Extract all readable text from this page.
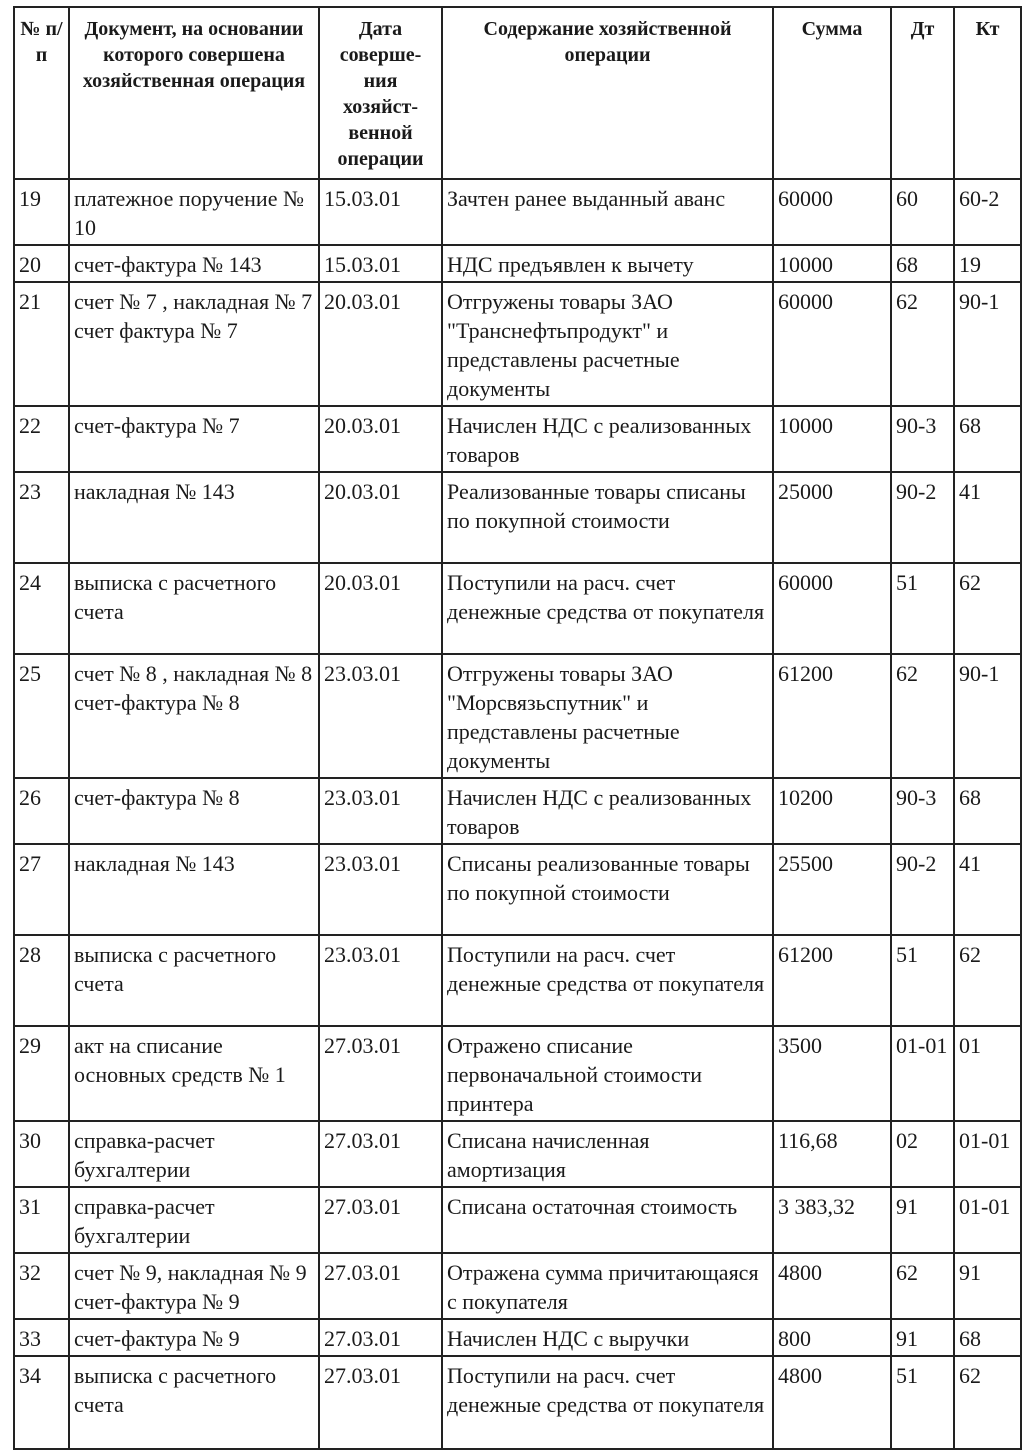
№ п/п	Документ, на основании которого совершена хозяйственная операция	Дата соверше-ния хозяйст-венной операции	Содержание хозяйственной операции	Сумма	Дт	Кт
19	платежное поручение № 10	15.03.01	Зачтен ранее выданный аванс	60000	60	60-2
20	счет-фактура № 143	15.03.01	НДС предъявлен к вычету	10000	68	19
21	счет № 7 , накладная № 7 счет фактура № 7	20.03.01	Отгружены товары ЗАО "Транснефтьпродукт" и представлены расчетные документы	60000	62	90-1
22	счет-фактура № 7	20.03.01	Начислен НДС с реализованных товаров	10000	90-3	68
23	накладная № 143	20.03.01	Реализованные товары списаны по покупной стоимости	25000	90-2	41
24	выписка с расчетного счета	20.03.01	Поступили на расч. счет денежные средства от покупателя	60000	51	62
25	счет № 8 , накладная № 8 счет-фактура № 8	23.03.01	Отгружены товары ЗАО "Морсвязьспутник" и представлены расчетные документы	61200	62	90-1
26	счет-фактура № 8	23.03.01	Начислен НДС с реализованных товаров	10200	90-3	68
27	накладная № 143	23.03.01	Списаны реализованные товары по покупной стоимости	25500	90-2	41
28	выписка с расчетного счета	23.03.01	Поступили на расч. счет денежные средства от покупателя	61200	51	62
29	акт на списание основных средств № 1	27.03.01	Отражено списание первоначальной стоимости принтера	3500	01-01	01
30	справка-расчет бухгалтерии	27.03.01	Списана начисленная амортизация	116,68	02	01-01
31	справка-расчет бухгалтерии	27.03.01	Списана остаточная стоимость	3 383,32	91	01-01
32	счет № 9, накладная № 9 счет-фактура № 9	27.03.01	Отражена сумма причитающаяся с покупателя	4800	62	91
33	счет-фактура № 9	27.03.01	Начислен НДС с выручки	800	91	68
34	выписка с расчетного счета	27.03.01	Поступили на расч. счет денежные средства от покупателя	4800	51	62
